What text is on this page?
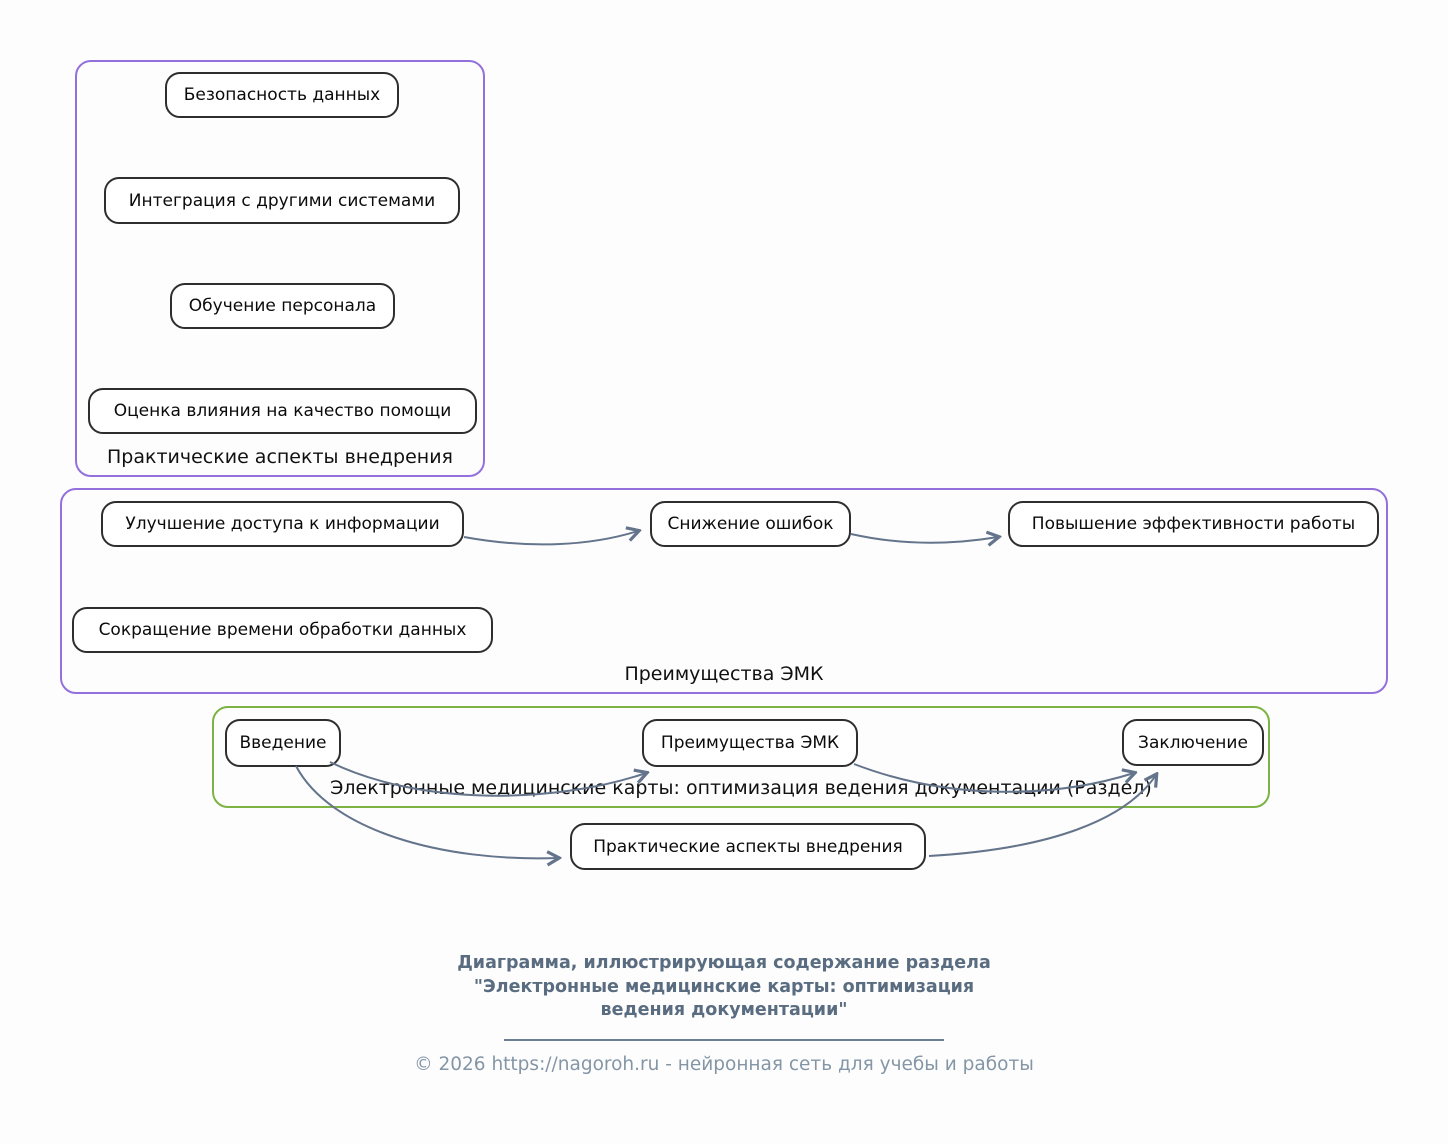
Безопасность данных
Интеграция с другими системами
Обучение персонала
Оценка влияния на качество помощи
Практические аспекты внедрения
Улучшение доступа к информации	Снижение ошибок	Повышение эффективности работы
Сокращение времени обработки данных
Преимущества ЭМК
Введение	Преимущества ЭМК	Заключение
Электронные медицинские карты: оптимизация ведения документации (Раздел)
Практические аспекты внедрения
Диаграмма, иллюстрирующая содержание раздела
"Электронные медицинские карты: оптимизация
ведения документации"
© 2026 https://nagoroh.ru - нейронная сеть для учебы и работы
